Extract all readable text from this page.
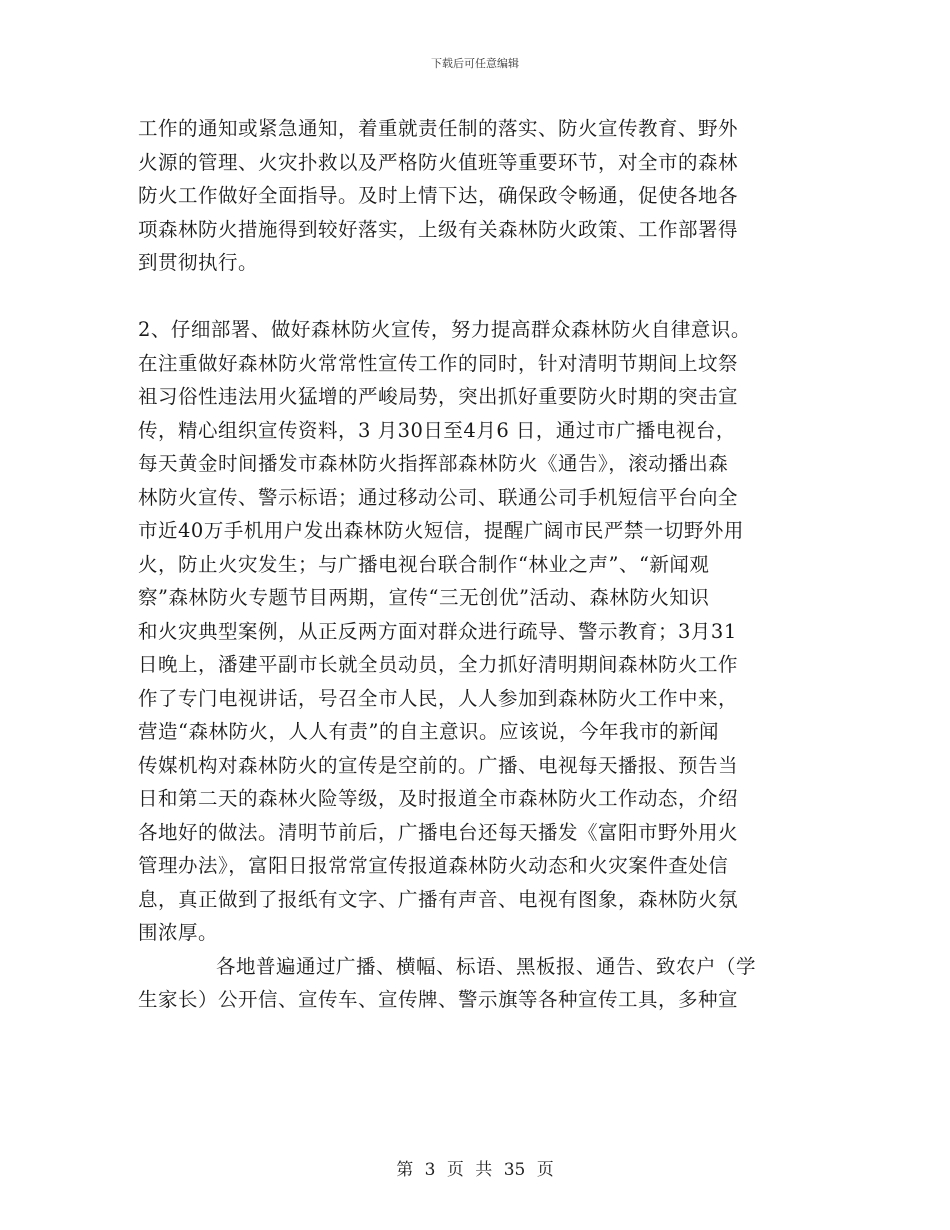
下载后可任意编辑
工作的通知或紧急通知，着重就责任制的落实、防火宣传教育、野外
火源的管理、火灾扑救以及严格防火值班等重要环节，对全市的森林
防火工作做好全面指导。及时上情下达，确保政令畅通，促使各地各
项森林防火措施得到较好落实，上级有关森林防火政策、工作部署得
到贯彻执行。
2、仔细部署、做好森林防火宣传，努力提高群众森林防火自律意识。
在注重做好森林防火常常性宣传工作的同时，针对清明节期间上坟祭
祖习俗性违法用火猛增的严峻局势，突出抓好重要防火时期的突击宣
传，精心组织宣传资料，3 月30日至4月6 日，通过市广播电视台，
每天黄金时间播发市森林防火指挥部森林防火《通告》，滚动播出森
林防火宣传、警示标语；通过移动公司、联通公司手机短信平台向全
市近40万手机用户发出森林防火短信，提醒广阔市民严禁一切野外用
火，防止火灾发生；与广播电视台联合制作“林业之声”、“新闻观
察”森林防火专题节目两期，宣传“三无创优”活动、森林防火知识
和火灾典型案例，从正反两方面对群众进行疏导、警示教育；3月31
日晚上，潘建平副市长就全员动员，全力抓好清明期间森林防火工作
作了专门电视讲话，号召全市人民，人人参加到森林防火工作中来，
营造“森林防火，人人有责”的自主意识。应该说，今年我市的新闻
传媒机构对森林防火的宣传是空前的。广播、电视每天播报、预告当
日和第二天的森林火险等级，及时报道全市森林防火工作动态，介绍
各地好的做法。清明节前后，广播电台还每天播发《富阳市野外用火
管理办法》，富阳日报常常宣传报道森林防火动态和火灾案件查处信
息，真正做到了报纸有文字、广播有声音、电视有图象，森林防火氛
围浓厚。
各地普遍通过广播、横幅、标语、黑板报、通告、致农户（学
生家长）公开信、宣传车、宣传牌、警示旗等各种宣传工具，多种宣
第 3 页 共 35 页
